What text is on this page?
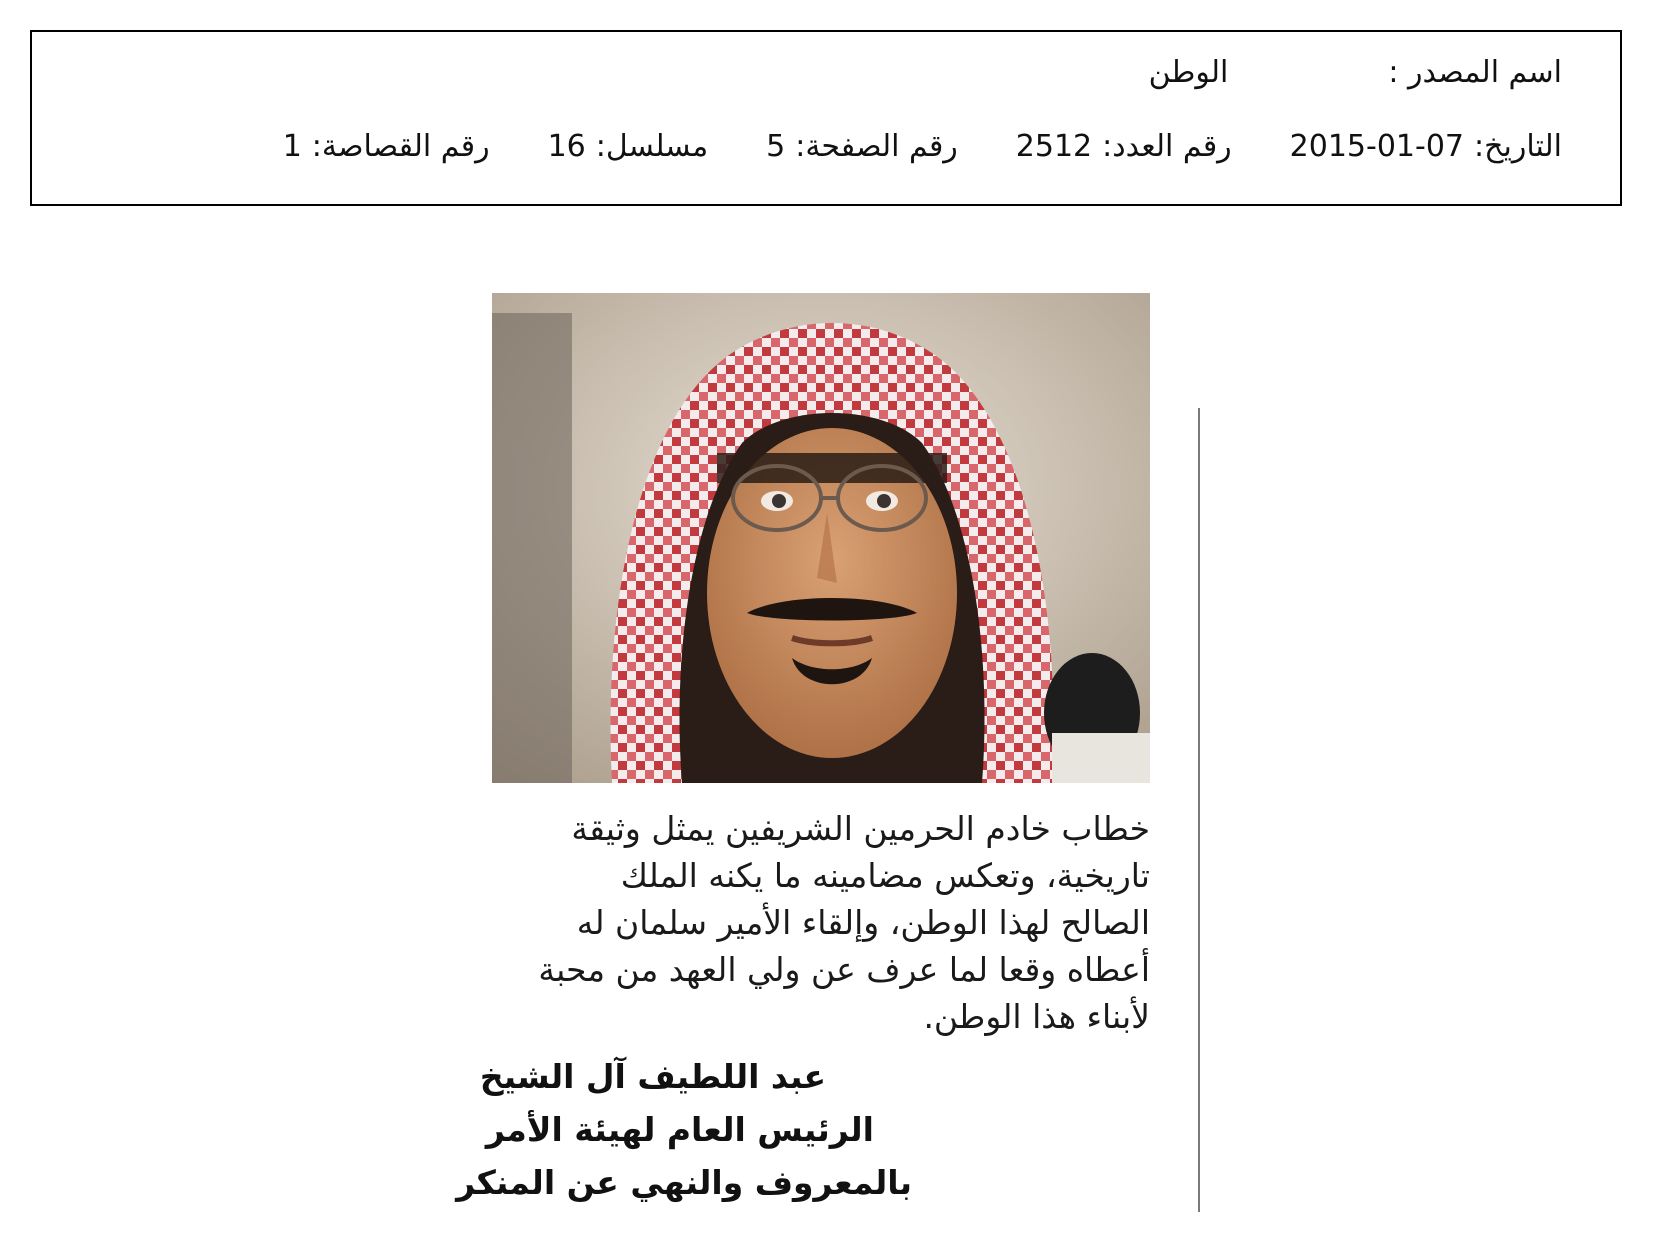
اسم المصدر :
الوطن
التاريخ:
2015-01-07
رقم العدد:
2512
رقم الصفحة:
5
مسلسل:
16
رقم القصاصة:
1
خطاب خادم الحرمين الشريفين يمثل وثيقة
تاريخية، وتعكس مضامينه ما يكنه الملك
الصالح لهذا الوطن، وإلقاء الأمير سلمان له
أعطاه وقعا لما عرف عن ولي العهد من محبة
لأبناء هذا الوطن.
عبد اللطيف آل الشيخ
الرئيس العام لهيئة الأمر
بالمعروف والنهي عن المنكر
